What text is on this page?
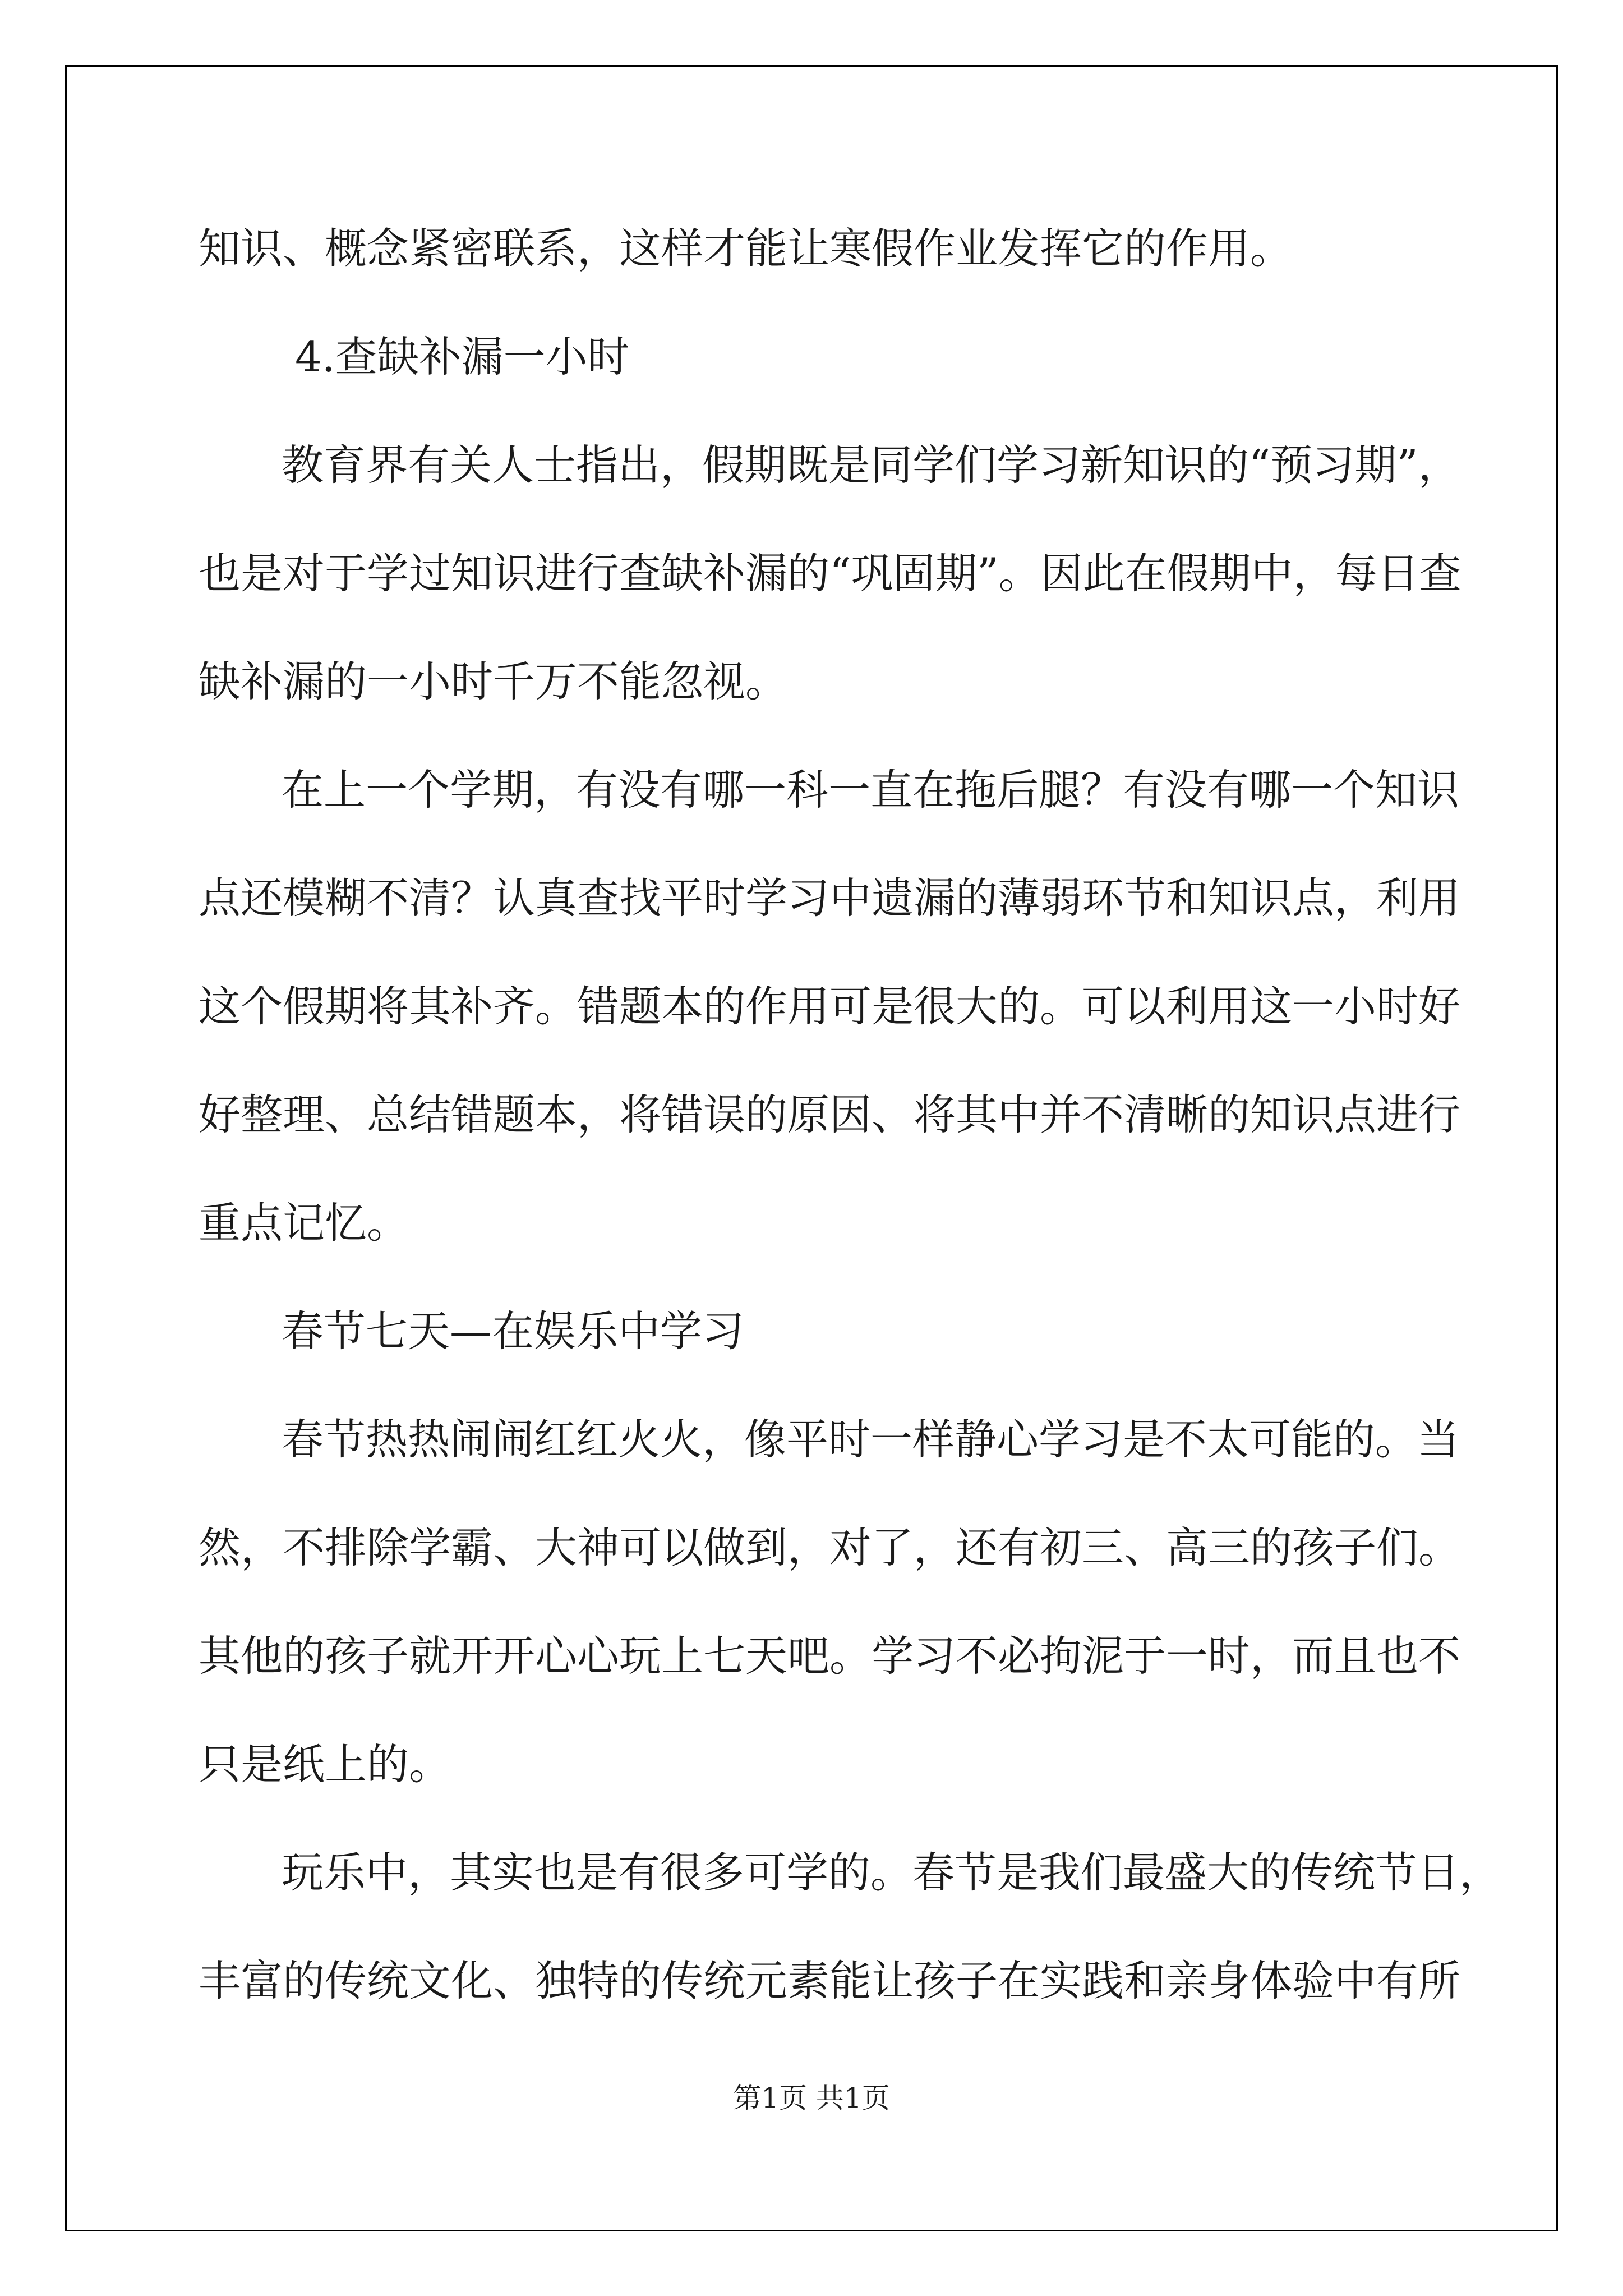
知识、概念紧密联系，这样才能让寒假作业发挥它的作用。
4.查缺补漏一小时
教育界有关人士指出，假期既是同学们学习新知识的“预习期”，
也是对于学过知识进行查缺补漏的“巩固期”。因此在假期中，每日查
缺补漏的一小时千万不能忽视。
在上一个学期，有没有哪一科一直在拖后腿？有没有哪一个知识
点还模糊不清？认真查找平时学习中遗漏的薄弱环节和知识点，利用
这个假期将其补齐。错题本的作用可是很大的。可以利用这一小时好
好整理、总结错题本，将错误的原因、将其中并不清晰的知识点进行
重点记忆。
春节七天—在娱乐中学习
春节热热闹闹红红火火，像平时一样静心学习是不太可能的。当
然，不排除学霸、大神可以做到，对了，还有初三、高三的孩子们。
其他的孩子就开开心心玩上七天吧。学习不必拘泥于一时，而且也不
只是纸上的。
玩乐中，其实也是有很多可学的。春节是我们最盛大的传统节日，
丰富的传统文化、独特的传统元素能让孩子在实践和亲身体验中有所
第1页 共1页
